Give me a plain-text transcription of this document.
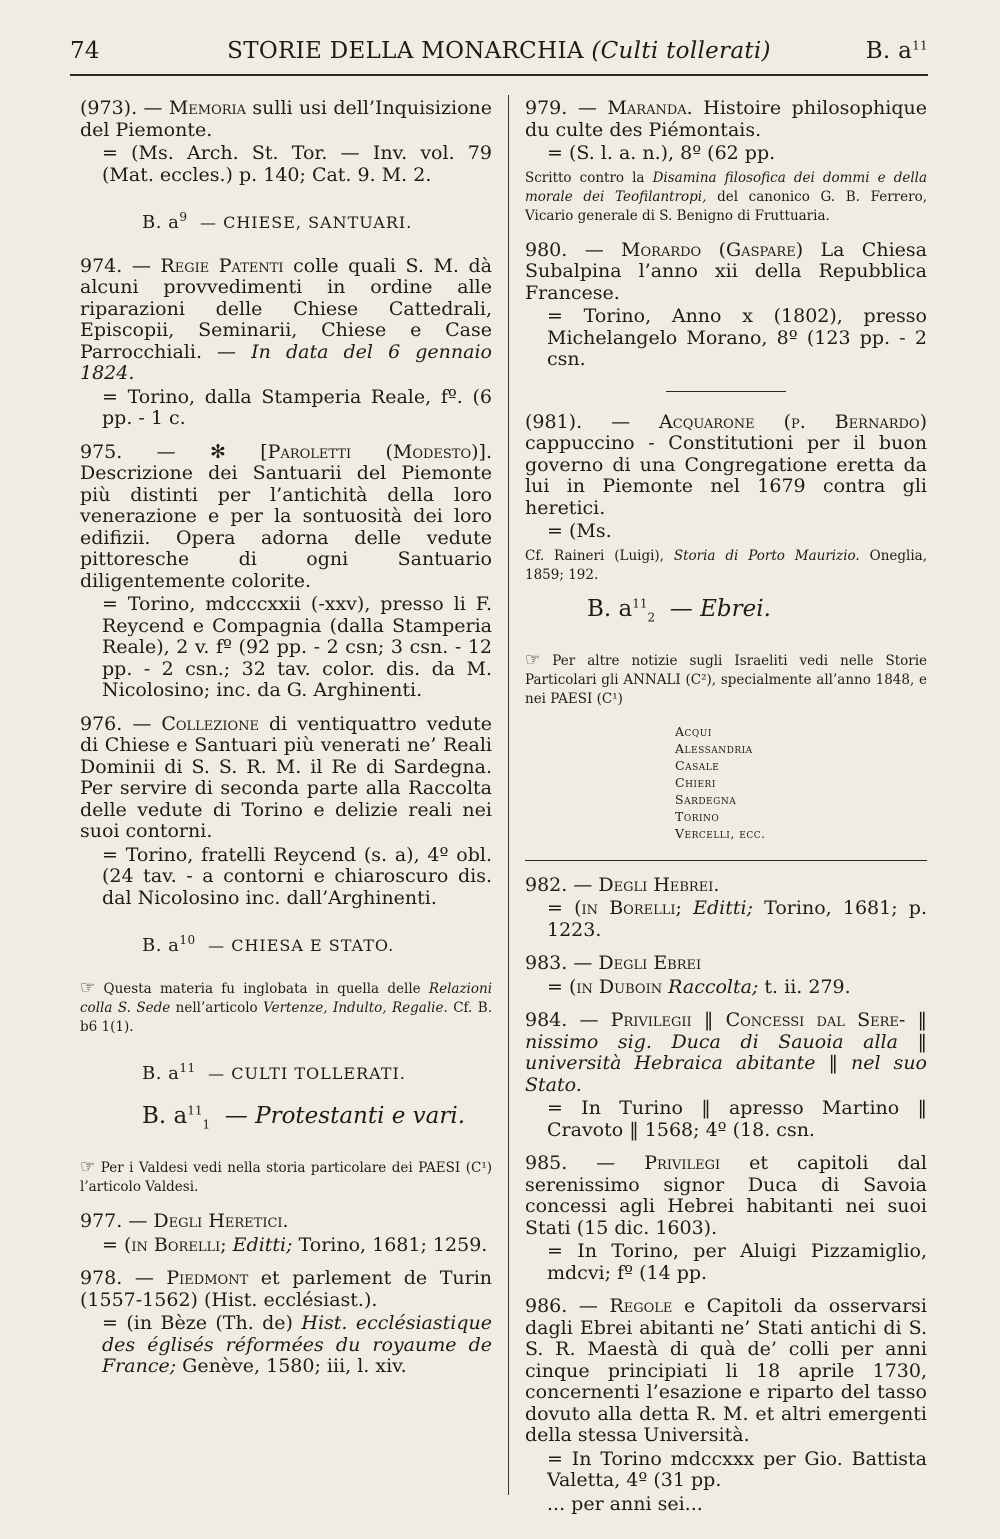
74	STORIE DELLA MONARCHIA (Culti tollerati)	B. $a^{11}$
(973). — Memoria sulli usi dell’Inquisizione del Piemonte.
= (Ms. Arch. St. Tor. — Inv. vol. 79 (Mat. eccles.) p. 140; Cat. 9. M. 2.
B. $a^9$ — CHIESE, SANTUARI.
974. — Regie Patenti colle quali S. M. dà alcuni provvedimenti in ordine alle riparazioni delle Chiese Cattedrali, Episcopii, Seminarii, Chiese e Case Parrocchiali. — In data del 6 gennaio 1824.
= Torino, dalla Stamperia Reale, fº. (6 pp. - 1 c.
975. — ✻ [Paroletti (Modesto)]. Descrizione dei Santuarii del Piemonte più distinti per l’antichità della loro venerazione e per la sontuosità dei loro edifizii. Opera adorna delle vedute pittoresche di ogni Santuario diligentemente colorite.
= Torino, mdcccxxii (-xxv), presso li F. Reycend e Compagnia (dalla Stamperia Reale), 2 v. fº (92 pp. - 2 csn; 3 csn. - 12 pp. - 2 csn.; 32 tav. color. dis. da M. Nicolosino; inc. da G. Arghinenti.
976. — Collezione di ventiquattro vedute di Chiese e Santuari più venerati ne’ Reali Dominii di S. S. R. M. il Re di Sardegna. Per servire di seconda parte alla Raccolta delle vedute di Torino e delizie reali nei suoi contorni.
= Torino, fratelli Reycend (s. a), 4º obl. (24 tav. - a contorni e chiaroscuro dis. dal Nicolosino inc. dall’Arghinenti.
B. $a^{10}$ — CHIESA E STATO.
☞ Questa materia fu inglobata in quella delle Relazioni colla S. Sede nell’articolo Vertenze, Indulto, Regalie. Cf. B. b6 1(1).
B. $a^{11}$ — CULTI TOLLERATI.
B. $a^{11}_1$ — Protestanti e vari.
☞ Per i Valdesi vedi nella storia particolare dei PAESI (C¹) l’articolo Valdesi.
977. — Degli Heretici.
= (in Borelli; Editti; Torino, 1681; 1259.
978. — Piedmont et parlement de Turin (1557-1562) (Hist. ecclésiast.).
= (in Bèze (Th. de) Hist. ecclésiastique des églisés réformées du royaume de France; Genève, 1580; iii, l. xiv.
979. — Maranda. Histoire philosophique du culte des Piémontais.
= (S. l. a. n.), 8º (62 pp.
Scritto contro la Disamina filosofica dei dommi e della morale dei Teofilantropi, del canonico G. B. Ferrero, Vicario generale di S. Benigno di Fruttuaria.
980. — Morardo (Gaspare) La Chiesa Subalpina l’anno xii della Repubblica Francese.
= Torino, Anno x (1802), presso Michelangelo Morano, 8º (123 pp. - 2 csn.
(981). — Acquarone (p. Bernardo) cappuccino - Constitutioni per il buon governo di una Congregatione eretta da lui in Piemonte nel 1679 contra gli heretici.
= (Ms.
Cf. Raineri (Luigi), Storia di Porto Maurizio. Oneglia, 1859; 192.
B. $a^{11}_2$ — Ebrei.
☞ Per altre notizie sugli Israeliti vedi nelle Storie Particolari gli ANNALI (C²), specialmente all’anno 1848, e nei PAESI (C¹)
Acqui
Alessandria
Casale
Chieri
Sardegna
Torino
Vercelli, ecc.
982. — Degli Hebrei.
= (in Borelli; Editti; Torino, 1681; p. 1223.
983. — Degli Ebrei
= (in Duboin Raccolta; t. ii. 279.
984. — Privilegii ‖ Concessi dal Sere- ‖ nissimo sig. Duca di Sauoia alla ‖ università Hebraica abitante ‖ nel suo Stato.
= In Turino ‖ apresso Martino ‖ Cravoto ‖ 1568; 4º (18. csn.
985. — Privilegi et capitoli dal serenissimo signor Duca di Savoia concessi agli Hebrei habitanti nei suoi Stati (15 dic. 1603).
= In Torino, per Aluigi Pizzamiglio, mdcvi; fº (14 pp.
986. — Regole e Capitoli da osservarsi dagli Ebrei abitanti ne’ Stati antichi di S. S. R. Maestà di quà de’ colli per anni cinque principiati li 18 aprile 1730, concernenti l’esazione e riparto del tasso dovuto alla detta R. M. et altri emergenti della stessa Università.
= In Torino mdccxxx per Gio. Battista Valetta, 4º (31 pp.
... per anni sei...
